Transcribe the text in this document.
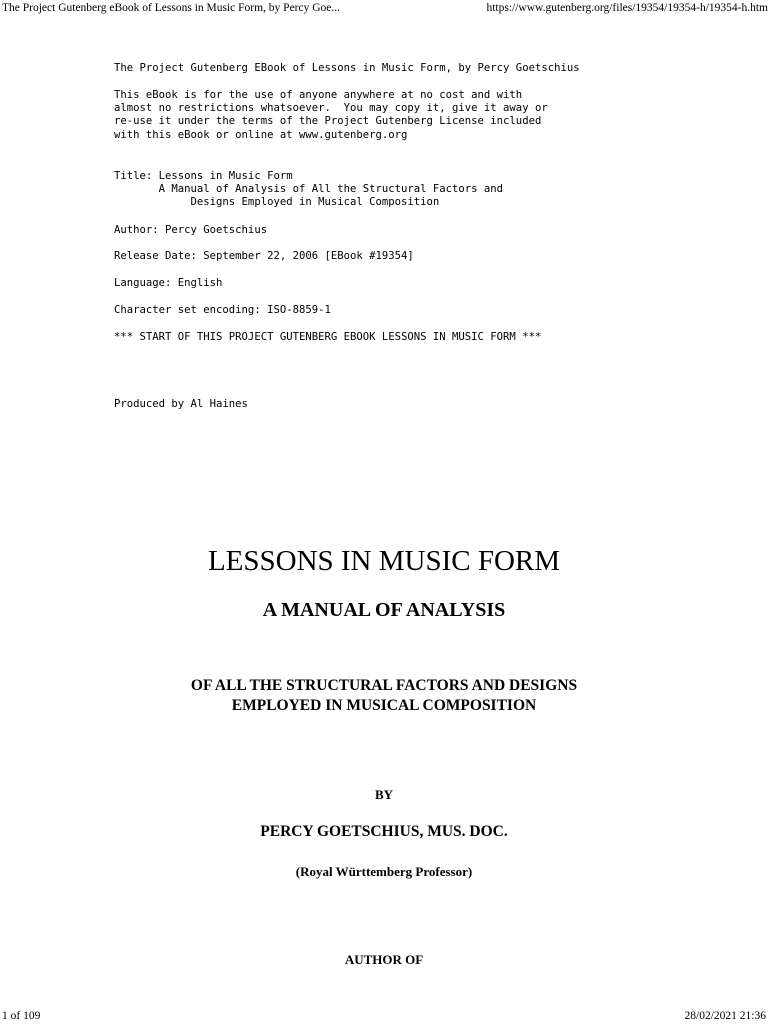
The Project Gutenberg eBook of Lessons in Music Form, by Percy Goe...	https://www.gutenberg.org/files/19354/19354-h/19354-h.htm
The Project Gutenberg EBook of Lessons in Music Form, by Percy Goetschius
This eBook is for the use of anyone anywhere at no cost and with
almost no restrictions whatsoever.  You may copy it, give it away or
re-use it under the terms of the Project Gutenberg License included
with this eBook or online at www.gutenberg.org
Title: Lessons in Music Form
A Manual of Analysis of All the Structural Factors and
Designs Employed in Musical Composition
Author: Percy Goetschius
Release Date: September 22, 2006 [EBook #19354]
Language: English
Character set encoding: ISO-8859-1
*** START OF THIS PROJECT GUTENBERG EBOOK LESSONS IN MUSIC FORM ***
Produced by Al Haines
LESSONS IN MUSIC FORM
A MANUAL OF ANALYSIS
OF ALL THE STRUCTURAL FACTORS AND DESIGNS
EMPLOYED IN MUSICAL COMPOSITION
BY
PERCY GOETSCHIUS, MUS. DOC.
(Royal Württemberg Professor)
AUTHOR OF
1 of 109	28/02/2021 21:36
